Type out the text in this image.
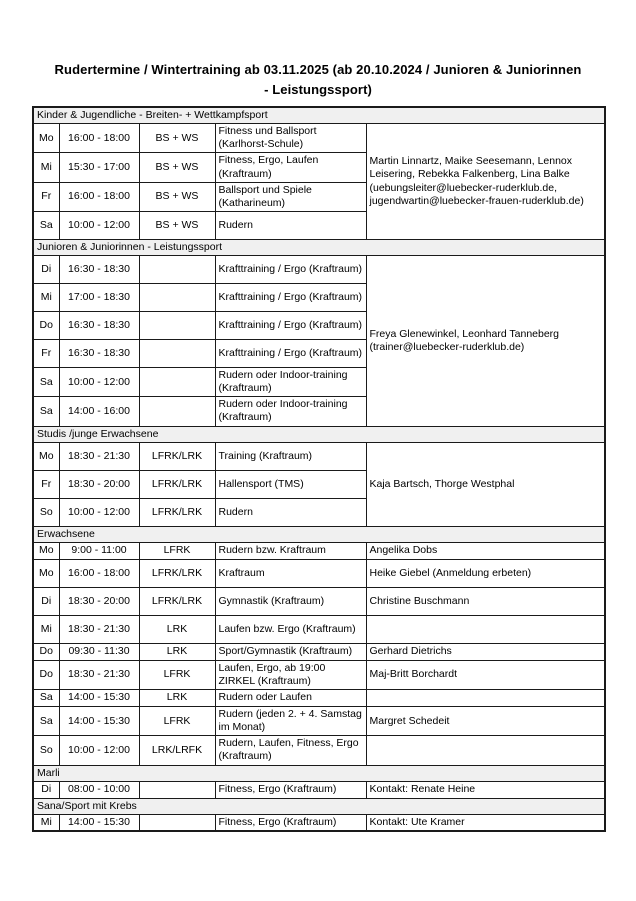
Rudertermine / Wintertraining ab 03.11.2025 (ab 20.10.2024 / Junioren & Juniorinnen - Leistungssport)
Kinder & Jugendliche - Breiten- + Wettkampfsport				
Mo	16:00 - 18:00	BS + WS	Fitness und Ballsport (Karlhorst-Schule)	Martin Linnartz, Maike Seesemann, Lennox Leisering, Rebekka Falkenberg, Lina Balke (uebungsleiter@luebecker-ruderklub.de, jugendwartin@luebecker-frauen-ruderklub.de)
Mi	15:30 - 17:00	BS + WS	Fitness, Ergo, Laufen (Kraftraum)	
Fr	16:00 - 18:00	BS + WS	Ballsport und Spiele (Katharineum)	
Sa	10:00 - 12:00	BS + WS	Rudern	
Junioren & Juniorinnen - Leistungssport				
Di	16:30 - 18:30		Krafttraining / Ergo (Kraftraum)	Freya Glenewinkel, Leonhard Tanneberg (trainer@luebecker-ruderklub.de)
Mi	17:00 - 18:30		Krafttraining / Ergo (Kraftraum)	
Do	16:30 - 18:30		Krafttraining / Ergo (Kraftraum)	
Fr	16:30 - 18:30		Krafttraining / Ergo (Kraftraum)	
Sa	10:00 - 12:00		Rudern oder Indoor-training (Kraftraum)	
Sa	14:00 - 16:00		Rudern oder Indoor-training (Kraftraum)	
Studis /junge Erwachsene				
Mo	18:30 - 21:30	LFRK/LRK	Training (Kraftraum)	Kaja Bartsch, Thorge Westphal
Fr	18:30 - 20:00	LFRK/LRK	Hallensport (TMS)	
So	10:00 - 12:00	LFRK/LRK	Rudern	
Erwachsene				
Mo	9:00 - 11:00	LFRK	Rudern bzw. Kraftraum	Angelika Dobs
Mo	16:00 - 18:00	LFRK/LRK	Kraftraum	Heike Giebel (Anmeldung erbeten)
Di	18:30 - 20:00	LFRK/LRK	Gymnastik (Kraftraum)	Christine Buschmann
Mi	18:30 - 21:30	LRK	Laufen bzw. Ergo (Kraftraum)	
Do	09:30 - 11:30	LRK	Sport/Gymnastik (Kraftraum)	Gerhard Dietrichs
Do	18:30 - 21:30	LFRK	Laufen, Ergo, ab 19:00 ZIRKEL (Kraftraum)	Maj-Britt Borchardt
Sa	14:00 - 15:30	LRK	Rudern oder Laufen	
Sa	14:00 - 15:30	LFRK	Rudern (jeden 2. + 4. Samstag im Monat)	Margret Schedeit
So	10:00 - 12:00	LRK/LRFK	Rudern, Laufen, Fitness, Ergo (Kraftraum)	
Marli				
Di	08:00 - 10:00		Fitness, Ergo (Kraftraum)	Kontakt: Renate Heine
Sana/Sport mit Krebs				
Mi	14:00 - 15:30		Fitness, Ergo (Kraftraum)	Kontakt: Ute Kramer
